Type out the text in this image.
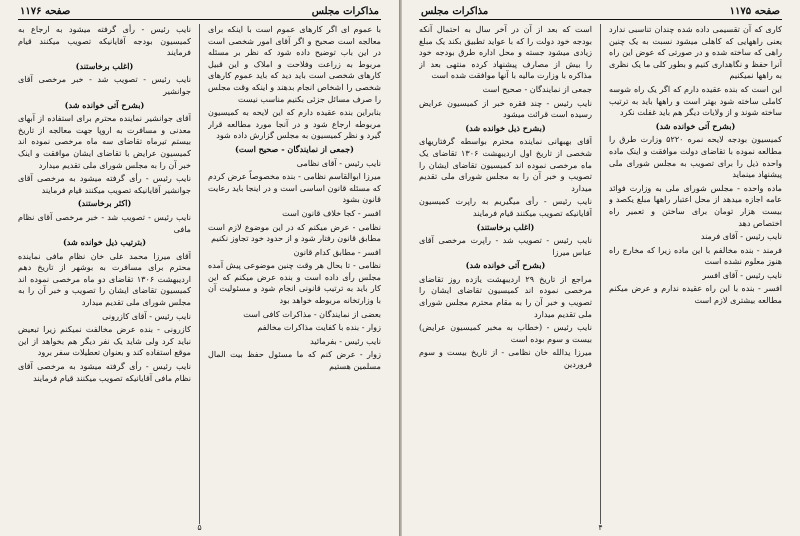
مذاکرات مجلس
صفحه ۱۱۷۶

با عموم ای اگر کارهای عموم است با اینکه برای معالجه است صحیح و اگر آقای امور شخصی است در این باب توضیح داده شود که نظر بر مسئله مربوط به زراعت وفلاحت و املاک و این قبیل کارهای شخصی است باید دید که باید عموم کارهای شخصی را اشخاص انجام بدهند و اینکه وقت مجلس را صرف مسائل جزئی بکنیم مناسب نیست

بنابراین بنده عقیده دارم که این لایحه به کمیسیون مربوطه ارجاع شود و در آنجا مورد مطالعه قرار گیرد و نظر کمیسیون به مجلس گزارش داده شود

(جمعی از نمایندگان - صحیح است)

نایب رئیس - آقای نظامی

میرزا ابوالقاسم نظامی - بنده مخصوصاً عرض کردم که مسئله قانون اساسی است و در اینجا باید رعایت قانون بشود

افسر - کجا خلاف قانون است

نظامی - عرض میکنم که در این موضوع لازم است مطابق قانون رفتار شود و از حدود خود تجاوز نکنیم

افسر - مطابق کدام قانون

نظامی - تا بحال هر وقت چنین موضوعی پیش آمده مجلس رأی داده است و بنده عرض میکنم که این کار باید به ترتیب قانونی انجام شود و مسئولیت آن با وزارتخانه مربوطه خواهد بود

بعضی از نمایندگان - مذاکرات کافی است

زوار - بنده با کفایت مذاکرات مخالفم

نایب رئیس - بفرمائید

زوار - عرض کنم که ما مسئول حفظ بیت المال مسلمین هستیم

نایب رئیس - رأی گرفته میشود به ارجاع به کمیسیون بودجه آقایانیکه تصویب میکنند قیام فرمایند

(اغلب برخاستند)

نایب رئیس - تصویب شد - خبر مرخصی آقای جوانشیر

(بشرح آتی خوانده شد)

آقای جوانشیر نماینده محترم برای استفاده از آبهای معدنی و مسافرت به اروپا جهت معالجه از تاریخ بیستم تیرماه تقاضای سه ماه مرخصی نموده اند کمیسیون عرایض با تقاضای ایشان موافقت و اینک خبر آن را به مجلس شورای ملی تقدیم میدارد

نایب رئیس - رأی گرفته میشود به مرخصی آقای جوانشیر آقایانیکه تصویب میکنند قیام فرمایند

(اکثر برخاستند)

نایب رئیس - تصویب شد - خبر مرخصی آقای نظام مافی

(بترتیب ذیل خوانده شد)

آقای میرزا محمد علی خان نظام مافی نماینده محترم برای مسافرت به بوشهر از تاریخ دهم اردیبهشت ۱۳۰۶ تقاضای دو ماه مرخصی نموده اند کمیسیون تقاضای ایشان را تصویب و خبر آن را به مجلس شورای ملی تقدیم میدارد

نایب رئیس - آقای کازرونی

کازرونی - بنده عرض مخالفت نمیکنم زیرا تبعیض نباید کرد ولی شاید یک نفر دیگر هم بخواهد از این موقع استفاده کند و بعنوان تعطیلات سفر برود

نایب رئیس - رأی گرفته میشود به مرخصی آقای نظام مافی آقایانیکه تصویب میکنند قیام فرمایند

۵
صفحه ۱۱۷۵
مذاکرات مجلس

کاری که آن تقسیمی داده شده چندان تناسبی ندارد یعنی راههایی که کاهلی میشود نسبت به یک چنین راهی که ساخته شده و در صورتی که عوض این راه آنرا حفظ و نگاهداری کنیم و بطور کلی ما یک نظری به راهها نمیکنیم

این است که بنده عقیده دارم که اگر یک راه شوسه کاملی ساخته شود بهتر است و راهها باید به ترتیب ساخته شوند و از ولایات دیگر هم باید غفلت نکرد

(بشرح آتی خوانده شد)

کمیسیون بودجه لایحه نمره ۵۲۲۰ وزارت طرق را مطالعه نموده با تقاضای دولت موافقت و اینک ماده واحده ذیل را برای تصویب به مجلس شورای ملی پیشنهاد مینماید

ماده واحده - مجلس شورای ملی به وزارت فوائد عامه اجازه میدهد از محل اعتبار راهها مبلغ یکصد و بیست هزار تومان برای ساختن و تعمیر راه اختصاص دهد

نایب رئیس - آقای فرمند

فرمند - بنده مخالفم با این ماده زیرا که مخارج راه هنوز معلوم نشده است

نایب رئیس - آقای افسر

افسر - بنده با این راه عقیده ندارم و عرض میکنم مطالعه بیشتری لازم است

است که بعد از آن در آخر سال به احتمال آنکه بودجه خود دولت را که با عواید تطبیق بکند یک مبلغ زیادی میشود جسته و محل اداره طرق بودجه خود را بیش از مصارف پیشنهاد کرده منتهی بعد از مذاکره با وزارت مالیه با آنها موافقت شده است

جمعی از نمایندگان - صحیح است

نایب رئیس - چند فقره خبر از کمیسیون عرایض رسیده است قرائت میشود

(بشرح ذیل خوانده شد)

آقای بهبهانی نماینده محترم بواسطه گرفتاریهای شخصی از تاریخ اول اردیبهشت ۱۳۰۶ تقاضای یک ماه مرخصی نموده اند کمیسیون تقاضای ایشان را تصویب و خبر آن را به مجلس شورای ملی تقدیم میدارد

نایب رئیس - رأی میگیریم به راپرت کمیسیون آقایانیکه تصویب میکنند قیام فرمایند

(اغلب برخاستند)

نایب رئیس - تصویب شد - راپرت مرخصی آقای عباس میرزا

(بشرح آتی خوانده شد)

مراجع از تاریخ ۲۹ اردیبهشت یازده روز تقاضای مرخصی نموده اند کمیسیون تقاضای ایشان را تصویب و خبر آن را به مقام محترم مجلس شورای ملی تقدیم میدارد

نایب رئیس - (خطاب به مخبر کمیسیون عرایض) بیست و سوم بوده است

میرزا یدالله خان نظامی - از تاریخ بیست و سوم فروردین

۴
